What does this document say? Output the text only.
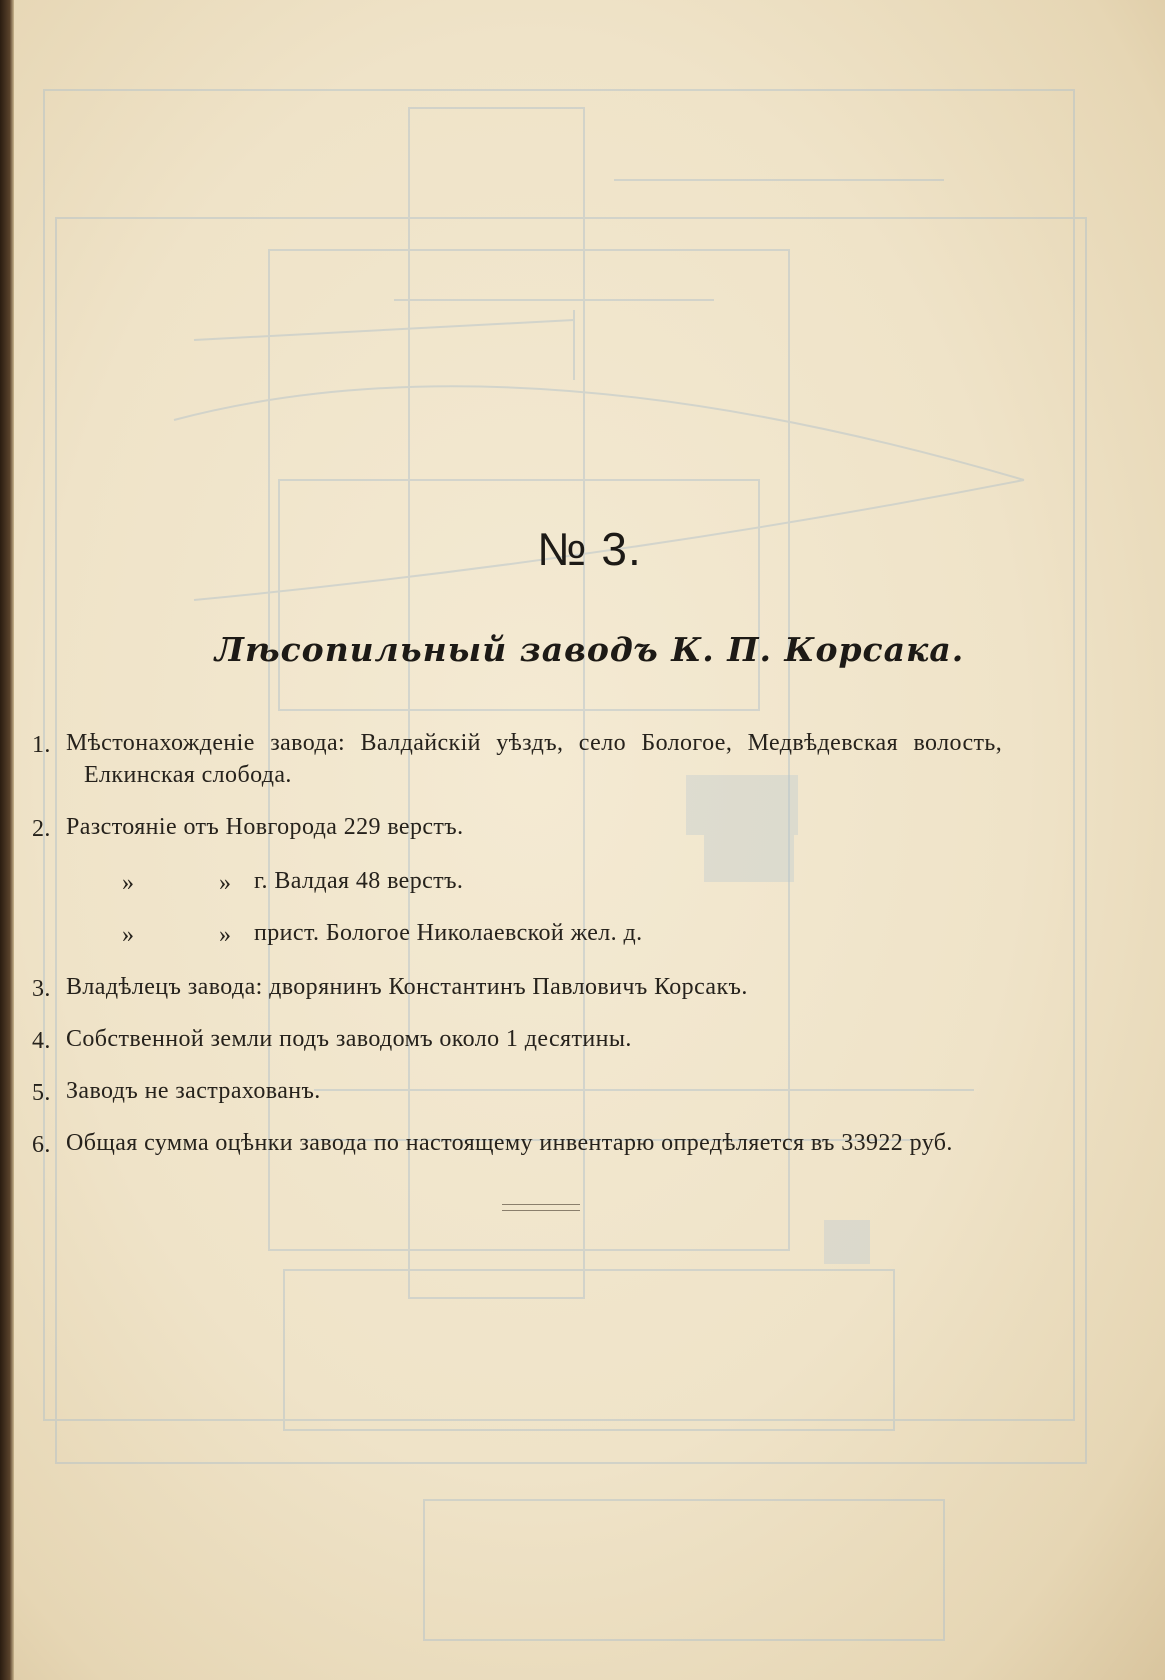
№ 3.
Лѣсопильный заводъ К. П. Корсака.
1. Мѣстонахожденіе завода: Валдайскій уѣздъ, село Бологое, Медвѣдевская волость,
Елкинская слобода.
2. Разстояніе отъ Новгорода 229 верстъ.
»	» г. Валдая 48 верстъ.
»	» прист. Бологое Николаевской жел. д.
3. Владѣлецъ завода: дворянинъ Константинъ Павловичъ Корсакъ.
4. Собственной земли подъ заводомъ около 1 десятины.
5. Заводъ не застрахованъ.
6. Общая сумма оцѣнки завода по настоящему инвентарю опредѣляется въ 33922 руб.
